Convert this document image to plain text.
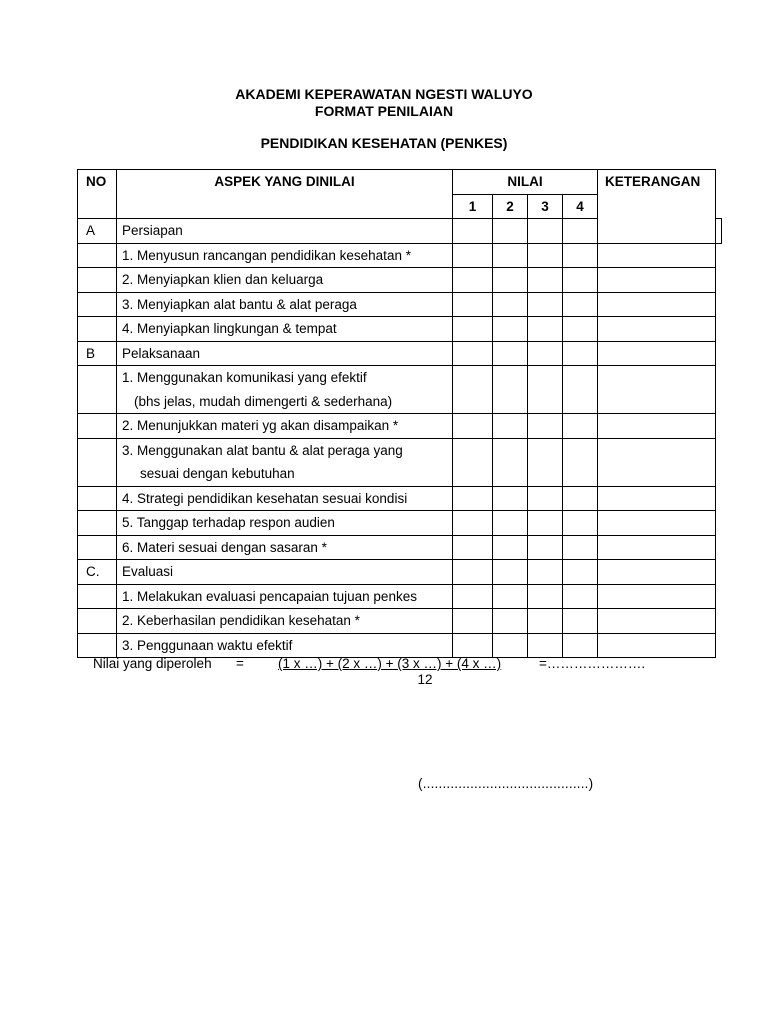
AKADEMI KEPERAWATAN NGESTI WALUYO
FORMAT PENILAIAN
PENDIDIKAN KESEHATAN (PENKES)
NO	ASPEK YANG DINILAI	NILAI				KETERANGAN	
		1	2	3	4		
A	Persiapan						

	1. Menyusun rancangan pendidikan kesehatan *						

	2. Menyiapkan klien dan keluarga						

	3. Menyiapkan alat bantu & alat peraga						

	4. Menyiapkan lingkungan & tempat						

B	Pelaksanaan						

	1. Menggunakan komunikasi yang efektif
(bhs jelas, mudah dimengerti & sederhana)						

	2. Menunjukkan materi yg akan disampaikan *						

	3. Menggunakan alat bantu & alat peraga yang
sesuai dengan kebutuhan						

	4. Strategi pendidikan kesehatan sesuai kondisi						

	5. Tanggap terhadap respon audien						

	6. Materi sesuai dengan sasaran *						

C.	Evaluasi						

	1. Melakukan evaluasi pencapaian tujuan penkes						

	2. Keberhasilan pendidikan kesehatan *						

	3. Penggunaan waktu efektif						

Nilai yang diperoleh =	(1 x …) + (2 x …) + (3 x …) + (4 x …)	=………………….
12
(..........................................)
